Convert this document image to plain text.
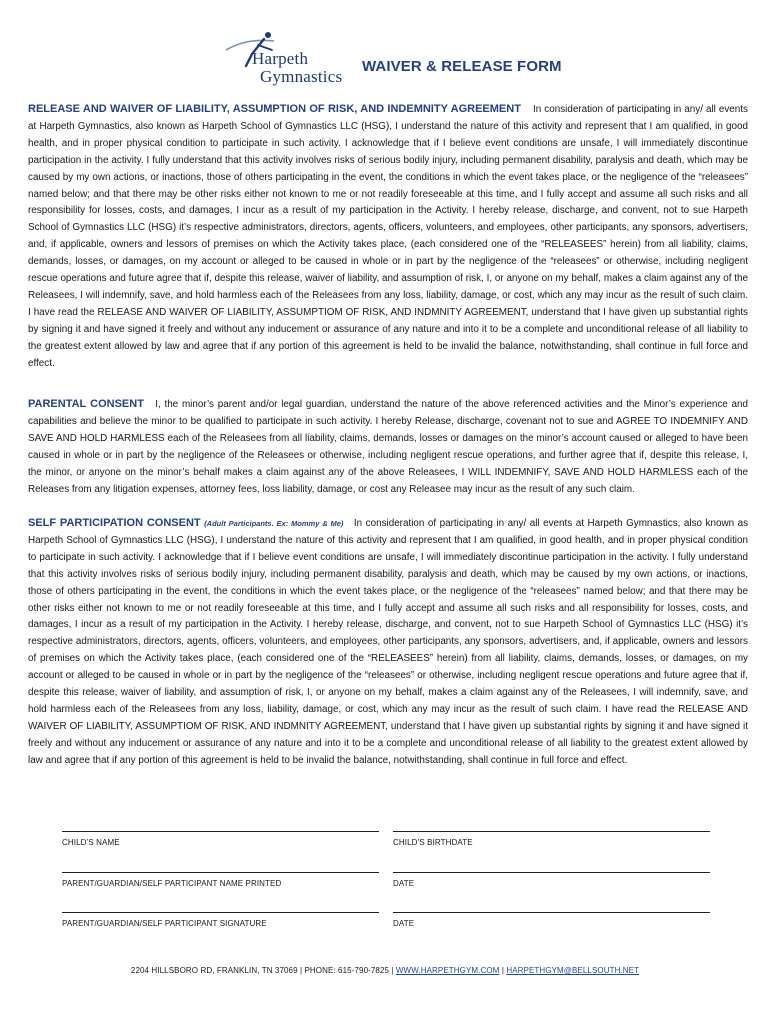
Harpeth
Gymnastics
WAIVER & RELEASE FORM

RELEASE AND WAIVER OF LIABILITY, ASSUMPTION OF RISK, AND INDEMNITY AGREEMENT In consideration of participating in any/ all events at Harpeth Gymnastics, also known as Harpeth School of Gymnastics LLC (HSG), I understand the nature of this activity and represent that I am qualified, in good health, and in proper physical condition to participate in such activity. I acknowledge that if I believe event conditions are unsafe, I will immediately discontinue participation in the activity. I fully understand that this activity involves risks of serious bodily injury, including permanent disability, paralysis and death, which may be caused by my own actions, or inactions, those of others participating in the event, the conditions in which the event takes place, or the negligence of the “releasees” named below; and that there may be other risks either not known to me or not readily foreseeable at this time, and I fully accept and assume all such risks and all responsibility for losses, costs, and damages, I incur as a result of my participation in the Activity. I hereby release, discharge, and convent, not to sue Harpeth School of Gymnastics LLC (HSG) it’s respective administrators, directors, agents, officers, volunteers, and employees, other participants, any sponsors, advertisers, and, if applicable, owners and lessors of premises on which the Activity takes place, (each considered one of the “RELEASEES” herein) from all liability, claims, demands, losses, or damages, on my account or alleged to be caused in whole or in part by the negligence of the “releasees” or otherwise, including negligent rescue operations and future agree that if, despite this release, waiver of liability, and assumption of risk, I, or anyone on my behalf, makes a claim against any of the Releasees, I will indemnify, save, and hold harmless each of the Releasees from any loss, liability, damage, or cost, which any may incur as the result of such claim. I have read the RELEASE AND WAIVER OF LIABILITY, ASSUMPTIOM OF RISK, AND INDMNITY AGREEMENT, understand that I have given up substantial rights by signing it and have signed it freely and without any inducement or assurance of any nature and into it to be a complete and unconditional release of all liability to the greatest extent allowed by law and agree that if any portion of this agreement is held to be invalid the balance, notwithstanding, shall continue in full force and effect.

PARENTAL CONSENT I, the minor’s parent and/or legal guardian, understand the nature of the above referenced activities and the Minor’s experience and capabilities and believe the minor to be qualified to participate in such activity. I hereby Release, discharge, covenant not to sue and AGREE TO INDEMNIFY AND SAVE AND HOLD HARMLESS each of the Releasees from all liability, claims, demands, losses or damages on the minor’s account caused or alleged to have been caused in whole or in part by the negligence of the Releasees or otherwise, including negligent rescue operations, and further agree that if, despite this release, I, the minor, or anyone on the minor’s behalf makes a claim against any of the above Releasees, I WILL INDEMNIFY, SAVE AND HOLD HARMLESS each of the Releases from any litigation expenses, attorney fees, loss liability, damage, or cost any Releasee may incur as the result of any such claim.

SELF PARTICIPATION CONSENT (Adult Participants. Ex: Mommy & Me) In consideration of participating in any/ all events at Harpeth Gymnastics, also known as Harpeth School of Gymnastics LLC (HSG), I understand the nature of this activity and represent that I am qualified, in good health, and in proper physical condition to participate in such activity. I acknowledge that if I believe event conditions are unsafe, I will immediately discontinue participation in the activity. I fully understand that this activity involves risks of serious bodily injury, including permanent disability, paralysis and death, which may be caused by my own actions, or inactions, those of others participating in the event, the conditions in which the event takes place, or the negligence of the “releasees” named below; and that there may be other risks either not known to me or not readily foreseeable at this time, and I fully accept and assume all such risks and all responsibility for losses, costs, and damages, I incur as a result of my participation in the Activity. I hereby release, discharge, and convent, not to sue Harpeth School of Gymnastics LLC (HSG) it’s respective administrators, directors, agents, officers, volunteers, and employees, other participants, any sponsors, advertisers, and, if applicable, owners and lessors of premises on which the Activity takes place, (each considered one of the “RELEASEES” herein) from all liability, claims, demands, losses, or damages, on my account or alleged to be caused in whole or in part by the negligence of the “releasees” or otherwise, including negligent rescue operations and future agree that if, despite this release, waiver of liability, and assumption of risk, I, or anyone on my behalf, makes a claim against any of the Releasees, I will indemnify, save, and hold harmless each of the Releasees from any loss, liability, damage, or cost, which any may incur as the result of such claim. I have read the RELEASE AND WAIVER OF LIABILITY, ASSUMPTIOM OF RISK, AND INDMNITY AGREEMENT, understand that I have given up substantial rights by signing it and have signed it freely and without any inducement or assurance of any nature and into it to be a complete and unconditional release of all liability to the greatest extent allowed by law and agree that if any portion of this agreement is held to be invalid the balance, notwithstanding, shall continue in full force and effect.

CHILD’S NAME	CHILD’S BIRTHDATE
PARENT/GUARDIAN/SELF PARTICIPANT NAME PRINTED	DATE
PARENT/GUARDIAN/SELF PARTICIPANT SIGNATURE	DATE
2204 HILLSBORO RD, FRANKLIN, TN 37069 | PHONE: 615-790-7825 | WWW.HARPETHGYM.COM | HARPETHGYM@BELLSOUTH.NET
